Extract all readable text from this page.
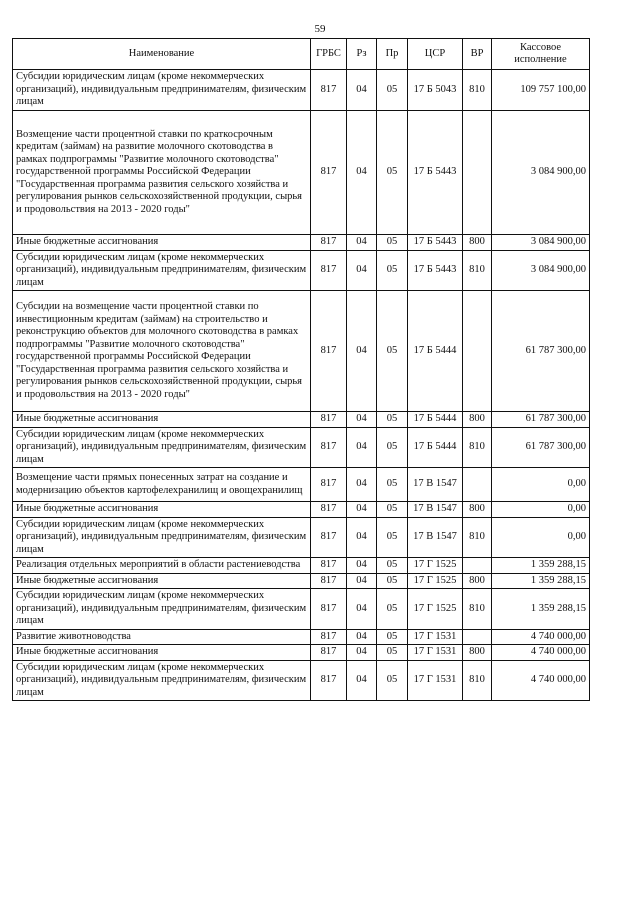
59
Наименование	ГРБС	Рз	Пр	ЦСР	ВР	Кассовое исполнение
Субсидии юридическим лицам (кроме некоммерческих организаций), индивидуальным предпринимателям, физическим лицам	817	04	05	17 Б 5043	810	109 757 100,00
Возмещение части процентной ставки по краткосрочным кредитам (займам) на развитие молочного скотоводства в рамках подпрограммы "Развитие молочного скотоводства" государственной программы Российской Федерации "Государственная программа развития сельского хозяйства и регулирования рынков сельскохозяйственной продукции, сырья и продовольствия на 2013 - 2020 годы"	817	04	05	17 Б 5443		3 084 900,00
Иные бюджетные ассигнования	817	04	05	17 Б 5443	800	3 084 900,00
Субсидии юридическим лицам (кроме некоммерческих организаций), индивидуальным предпринимателям, физическим лицам	817	04	05	17 Б 5443	810	3 084 900,00
Субсидии на возмещение части процентной ставки по инвестиционным кредитам (займам) на строительство и реконструкцию объектов для молочного скотоводства в рамках подпрограммы "Развитие молочного скотоводства" государственной программы Российской Федерации "Государственная программа развития сельского хозяйства и регулирования рынков сельскохозяйственной продукции, сырья и продовольствия на 2013 - 2020 годы"	817	04	05	17 Б 5444		61 787 300,00
Иные бюджетные ассигнования	817	04	05	17 Б 5444	800	61 787 300,00
Субсидии юридическим лицам (кроме некоммерческих организаций), индивидуальным предпринимателям, физическим лицам	817	04	05	17 Б 5444	810	61 787 300,00
Возмещение части прямых понесенных затрат на создание и модернизацию объектов картофелехранилищ и овощехранилищ	817	04	05	17 В 1547		0,00
Иные бюджетные ассигнования	817	04	05	17 В 1547	800	0,00
Субсидии юридическим лицам (кроме некоммерческих организаций), индивидуальным предпринимателям, физическим лицам	817	04	05	17 В 1547	810	0,00
Реализация отдельных мероприятий в области растениеводства	817	04	05	17 Г 1525		1 359 288,15
Иные бюджетные ассигнования	817	04	05	17 Г 1525	800	1 359 288,15
Субсидии юридическим лицам (кроме некоммерческих организаций), индивидуальным предпринимателям, физическим лицам	817	04	05	17 Г 1525	810	1 359 288,15
Развитие животноводства	817	04	05	17 Г 1531		4 740 000,00
Иные бюджетные ассигнования	817	04	05	17 Г 1531	800	4 740 000,00
Субсидии юридическим лицам (кроме некоммерческих организаций), индивидуальным предпринимателям, физическим лицам	817	04	05	17 Г 1531	810	4 740 000,00
